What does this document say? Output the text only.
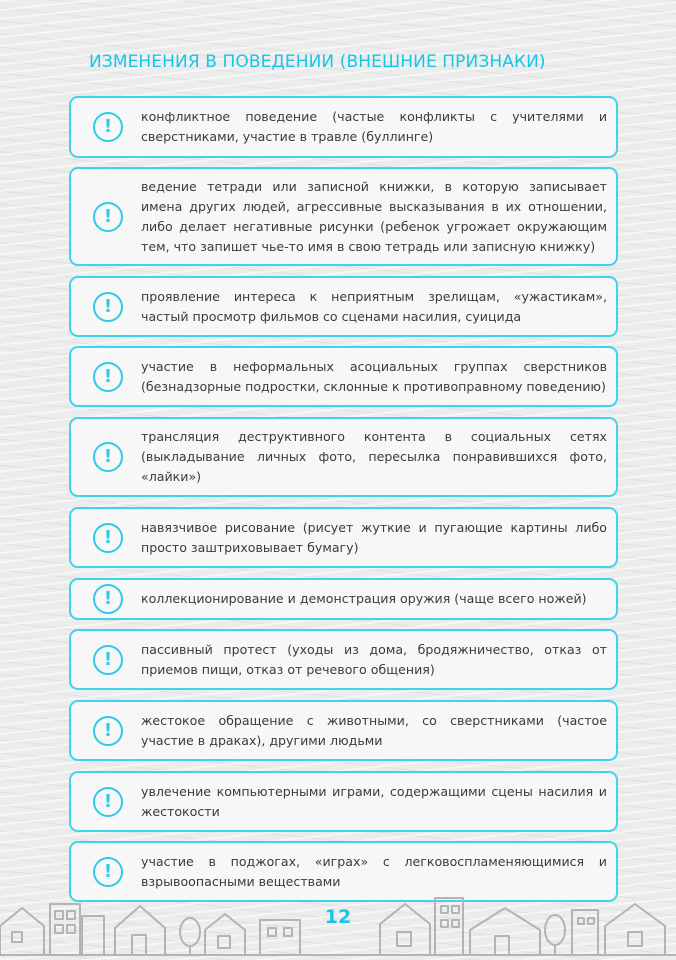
ИЗМЕНЕНИЯ В ПОВЕДЕНИИ (ВНЕШНИЕ ПРИЗНАКИ)
!	конфликтное поведение (частые конфликты с учителями и сверстниками, участие в травле (буллинге)
!
ведение тетради или записной книжки, в которую записывает имена других людей, агрессивные высказывания в их отношении, либо делает негативные рисунки (ребенок угрожает окружающим тем, что запишет чье-то имя в свою тетрадь или записную книжку)
!	проявление интереса к неприятным зрелищам, «ужастикам», частый просмотр фильмов со сценами насилия, суицида
!	участие в неформальных асоциальных группах сверстников (безнадзорные подростки, склонные к противоправному поведению)
!
трансляция деструктивного контента в социальных сетях (выкладывание личных фото, пересылка понравившихся фото, «лайки»)
!	навязчивое рисование (рисует жуткие и пугающие картины либо просто заштриховывает бумагу)
!	коллекционирование и демонстрация оружия (чаще всего ножей)
!	пассивный протест (уходы из дома, бродяжничество, отказ от приемов пищи, отказ от речевого общения)
!	жестокое обращение с животными, со сверстниками (частое участие в драках), другими людьми
!	увлечение компьютерными играми, содержащими сцены насилия и жестокости
!	участие в поджогах, «играх» с легковоспламеняющимися и взрывоопасными веществами
12
